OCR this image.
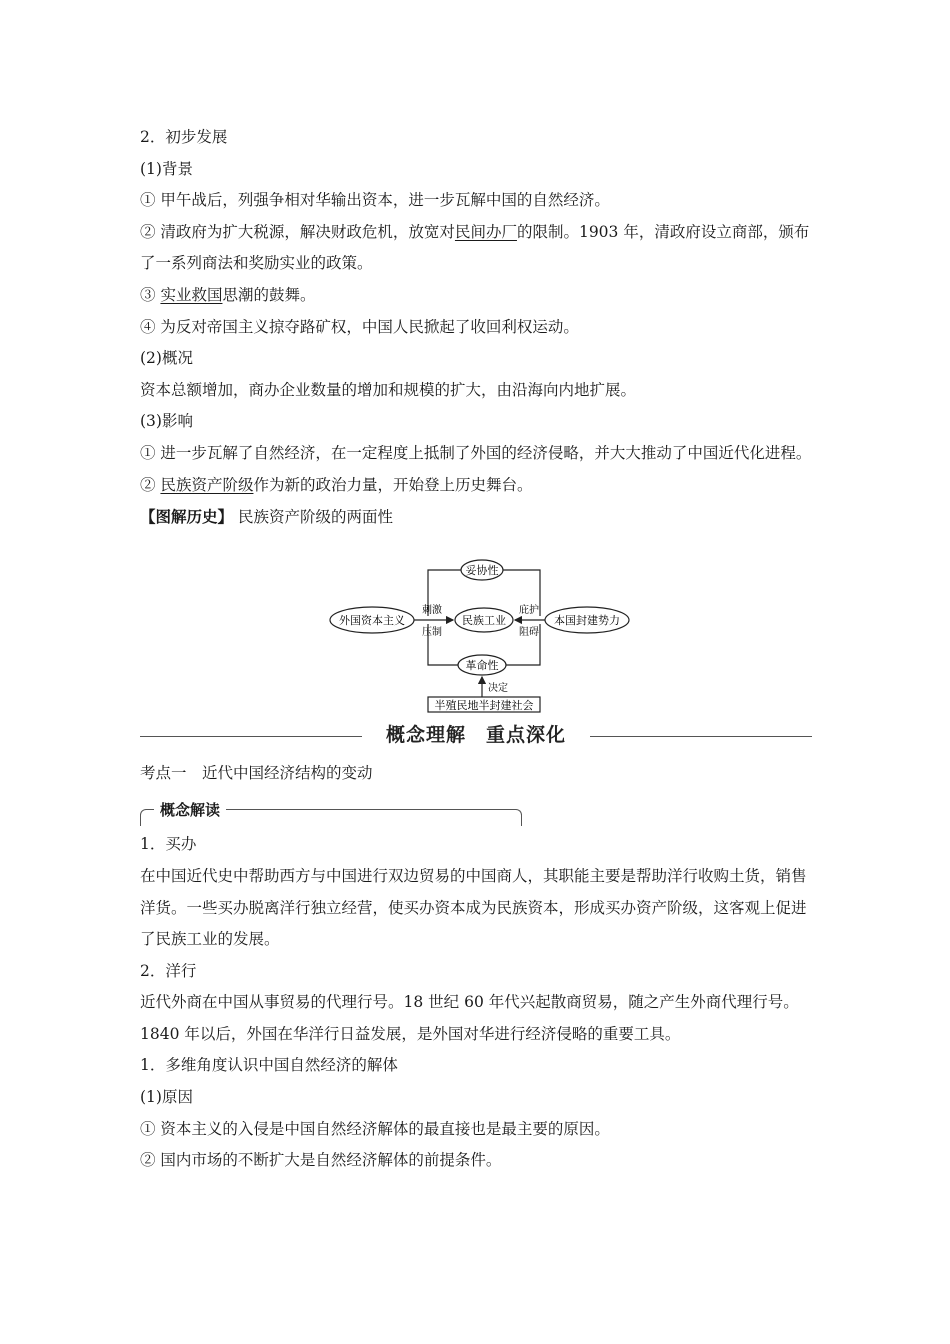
2．初步发展

(1)背景

① 甲午战后，列强争相对华输出资本，进一步瓦解中国的自然经济。

② 清政府为扩大税源，解决财政危机，放宽对民间办厂的限制。1903 年，清政府设立商部，颁布了一系列商法和奖励实业的政策。

③ 实业救国思潮的鼓舞。

④ 为反对帝国主义掠夺路矿权，中国人民掀起了收回利权运动。

(2)概况

资本总额增加，商办企业数量的增加和规模的扩大，由沿海向内地扩展。

(3)影响

① 进一步瓦解了自然经济，在一定程度上抵制了外国的经济侵略，并大大推动了中国近代化进程。

② 民族资产阶级作为新的政治力量，开始登上历史舞台。

【图解历史】 民族资产阶级的两面性

妥协性
外国资本主义	民族工业	本国封建势力
革命性
半殖民地半封建社会
刺激
压制
庇护
阻碍
决定
概念理解　重点深化

考点一　近代中国经济结构的变动

概念解读

1．买办

在中国近代史中帮助西方与中国进行双边贸易的中国商人，其职能主要是帮助洋行收购土货，销售洋货。一些买办脱离洋行独立经营，使买办资本成为民族资本，形成买办资产阶级，这客观上促进了民族工业的发展。

2．洋行

近代外商在中国从事贸易的代理行号。18 世纪 60 年代兴起散商贸易，随之产生外商代理行号。1840 年以后，外国在华洋行日益发展，是外国对华进行经济侵略的重要工具。

1．多维角度认识中国自然经济的解体

(1)原因

① 资本主义的入侵是中国自然经济解体的最直接也是最主要的原因。

② 国内市场的不断扩大是自然经济解体的前提条件。
